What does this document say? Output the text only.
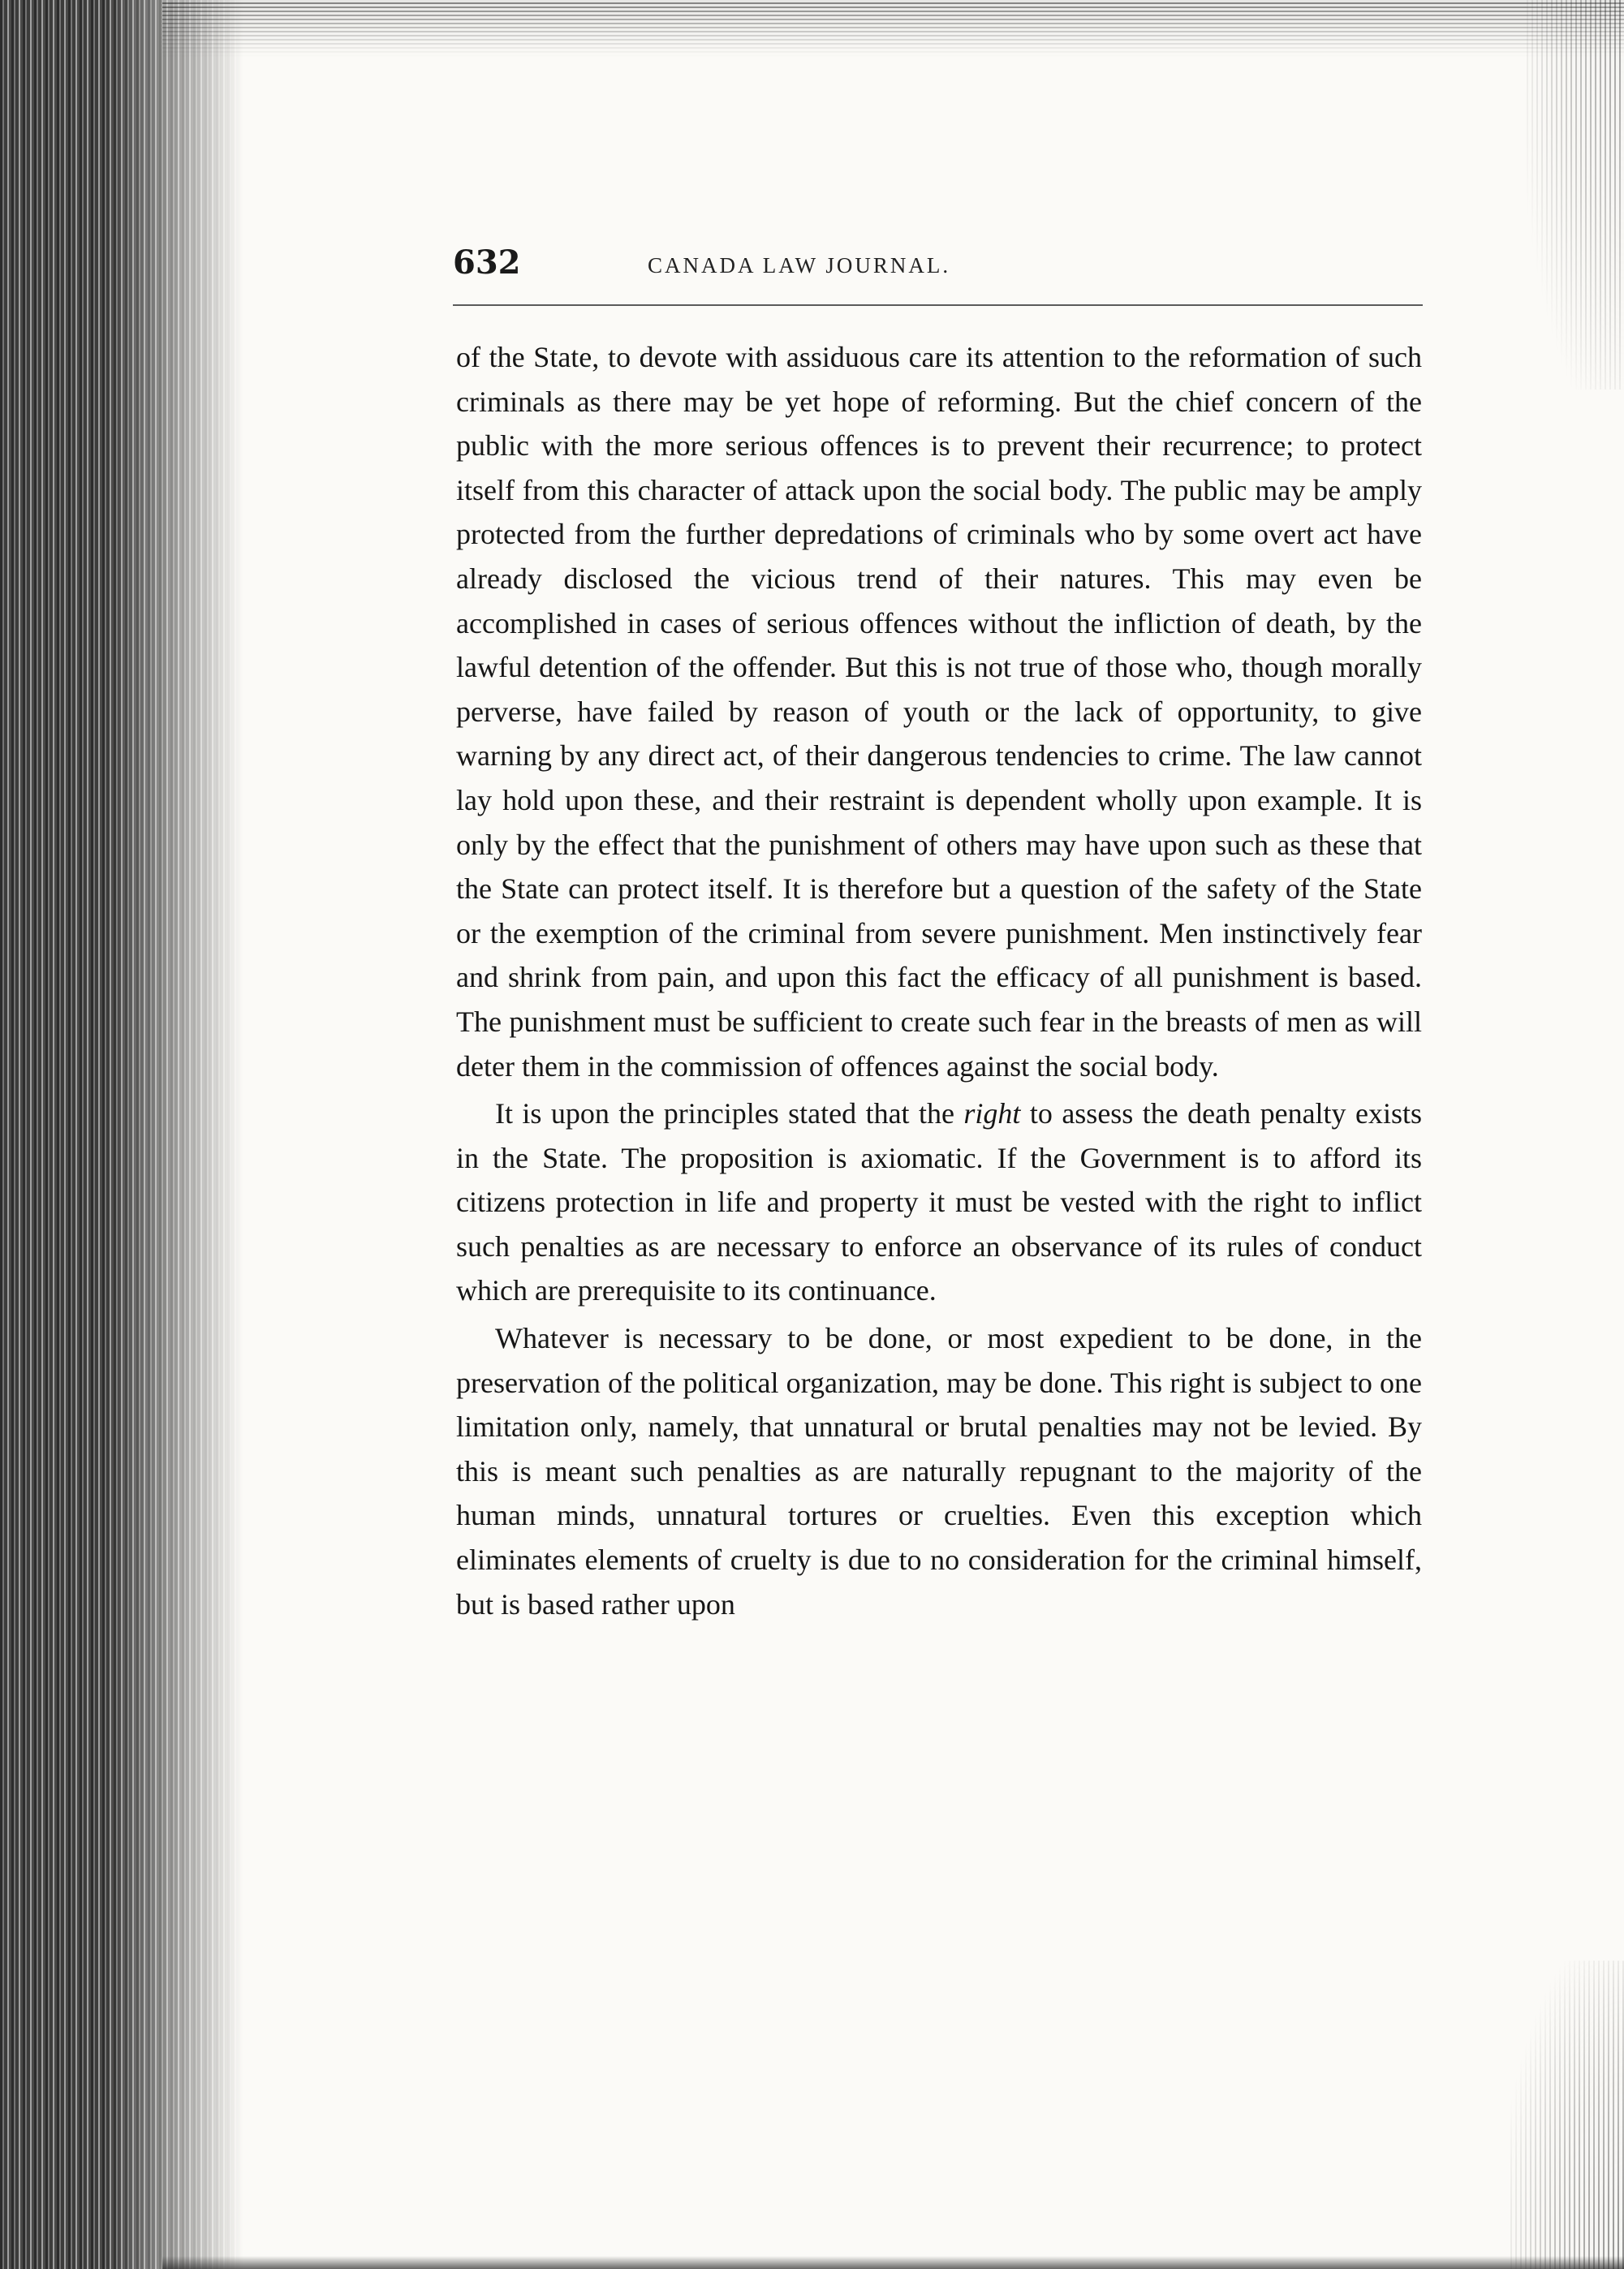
632	CANADA LAW JOURNAL.

of the State, to devote with assiduous care its attention to the reformation of such criminals as there may be yet hope of reforming. But the chief concern of the public with the more serious offences is to prevent their recurrence; to protect itself from this character of attack upon the social body. The public may be amply protected from the further depredations of criminals who by some overt act have already disclosed the vicious trend of their natures. This may even be accomplished in cases of serious offences without the infliction of death, by the lawful detention of the offender. But this is not true of those who, though morally perverse, have failed by reason of youth or the lack of opportunity, to give warning by any direct act, of their dangerous tendencies to crime. The law cannot lay hold upon these, and their restraint is dependent wholly upon example. It is only by the effect that the punishment of others may have upon such as these that the State can protect itself. It is therefore but a question of the safety of the State or the exemption of the criminal from severe punishment. Men instinctively fear and shrink from pain, and upon this fact the efficacy of all punishment is based. The punishment must be sufficient to create such fear in the breasts of men as will deter them in the commission of offences against the social body.

It is upon the principles stated that the right to assess the death penalty exists in the State. The proposition is axiomatic. If the Government is to afford its citizens protection in life and property it must be vested with the right to inflict such penalties as are necessary to enforce an observance of its rules of conduct which are prerequisite to its continuance.

Whatever is necessary to be done, or most expedient to be done, in the preservation of the political organization, may be done. This right is subject to one limitation only, namely, that unnatural or brutal penalties may not be levied. By this is meant such penalties as are naturally repugnant to the majority of the human minds, unnatural tortures or cruelties. Even this exception which eliminates elements of cruelty is due to no consideration for the criminal himself, but is based rather upon
